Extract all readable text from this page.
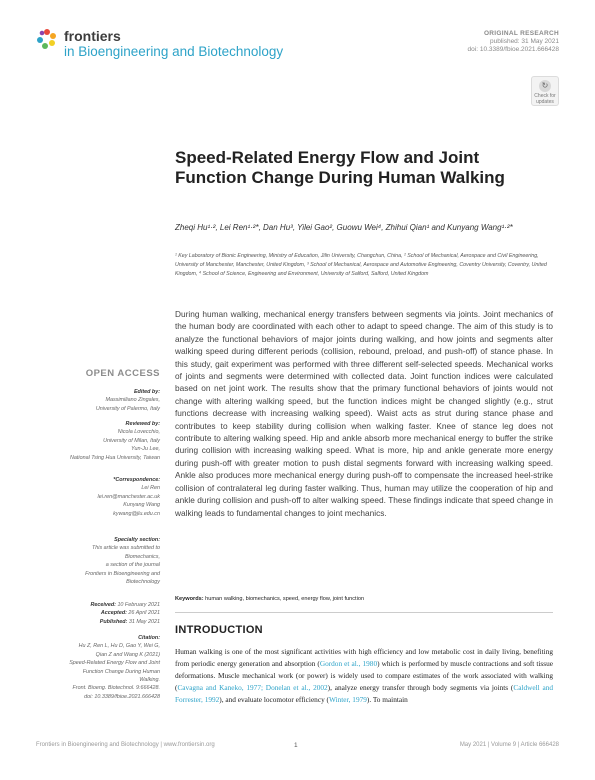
frontiers
in Bioengineering and Biotechnology
ORIGINAL RESEARCH
published: 31 May 2021
doi: 10.3389/fbioe.2021.666428
↻
Check for updates
Speed-Related Energy Flow and Joint Function Change During Human Walking
Zheqi Hu¹·², Lei Ren¹·²*, Dan Hu³, Yilei Gao², Guowu Wei⁴, Zhihui Qian¹ and Kunyang Wang¹·²*
¹ Key Laboratory of Bionic Engineering, Ministry of Education, Jilin University, Changchun, China, ² School of Mechanical, Aerospace and Civil Engineering, University of Manchester, Manchester, United Kingdom, ³ School of Mechanical, Aerospace and Automotive Engineering, Coventry University, Coventry, United Kingdom, ⁴ School of Science, Engineering and Environment, University of Salford, Salford, United Kingdom
During human walking, mechanical energy transfers between segments via joints. Joint mechanics of the human body are coordinated with each other to adapt to speed change. The aim of this study is to analyze the functional behaviors of major joints during walking, and how joints and segments alter walking speed during different periods (collision, rebound, preload, and push-off) of stance phase. In this study, gait experiment was performed with three different self-selected speeds. Mechanical works of joints and segments were determined with collected data. Joint function indices were calculated based on net joint work. The results show that the primary functional behaviors of joints would not change with altering walking speed, but the function indices might be changed slightly (e.g., strut functions decrease with increasing walking speed). Waist acts as strut during stance phase and contributes to keep stability during collision when walking faster. Knee of stance leg does not contribute to altering walking speed. Hip and ankle absorb more mechanical energy to buffer the strike during collision with increasing walking speed. What is more, hip and ankle generate more energy during push-off with greater motion to push distal segments forward with increasing walking speed. Ankle also produces more mechanical energy during push-off to compensate the increased heel-strike collision of contralateral leg during faster walking. Thus, human may utilize the cooperation of hip and ankle during collision and push-off to alter walking speed. These findings indicate that speed change in walking leads to fundamental changes to joint mechanics.
Keywords: human walking, biomechanics, speed, energy flow, joint function
INTRODUCTION
Human walking is one of the most significant activities with high efficiency and low metabolic cost in daily living, benefiting from periodic energy generation and absorption (Gordon et al., 1980) which is performed by muscle contractions and soft tissue deformations. Muscle mechanical work (or power) is widely used to compare estimates of the work associated with walking (Cavagna and Kaneko, 1977; Donelan et al., 2002), analyze energy transfer through body segments via joints (Caldwell and Forrester, 1992), and evaluate locomotor efficiency (Winter, 1979). To maintain
OPEN ACCESS
Edited by:
Massimiliano Zingales,
University of Palermo, Italy
Reviewed by:
Nicola Lovecchio,
University of Milan, Italy
Yun-Ju Lee,
National Tsing Hua University, Taiwan
*Correspondence:
Lei Ren
lei.ren@manchester.ac.uk
Kunyang Wang
kywang@jlu.edu.cn
Specialty section:
This article was submitted to
Biomechanics,
a section of the journal
Frontiers in Bioengineering and
Biotechnology
Received: 10 February 2021
Accepted: 26 April 2021
Published: 31 May 2021
Citation:
Hu Z, Ren L, Hu D, Gao Y, Wei G,
Qian Z and Wang K (2021)
Speed-Related Energy Flow and Joint
Function Change During Human
Walking.
Front. Bioeng. Biotechnol. 9:666428.
doi: 10.3389/fbioe.2021.666428
Frontiers in Bioengineering and Biotechnology | www.frontiersin.org	1	May 2021 | Volume 9 | Article 666428
